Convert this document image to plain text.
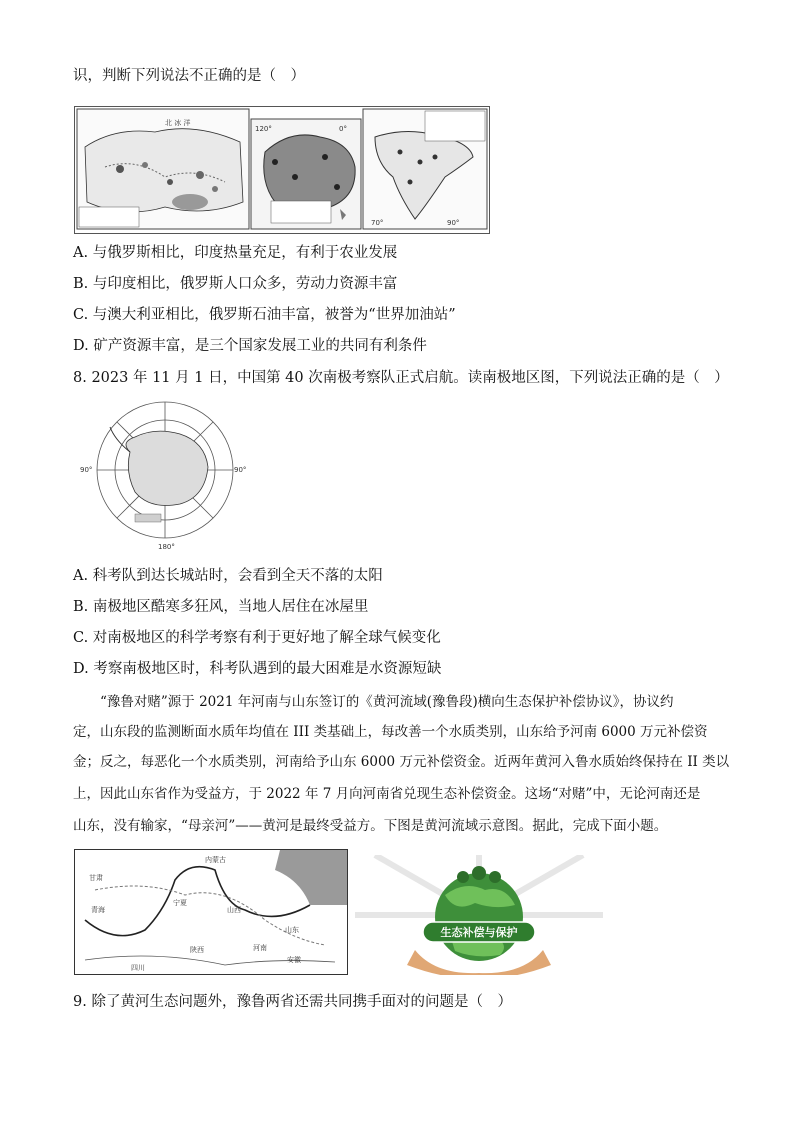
识，判断下列说法不正确的是（　）
北 冰 洋
120°	0°
70°	90°
A. 与俄罗斯相比，印度热量充足，有利于农业发展
B. 与印度相比，俄罗斯人口众多，劳动力资源丰富
C. 与澳大利亚相比，俄罗斯石油丰富，被誉为“世界加油站”
D. 矿产资源丰富，是三个国家发展工业的共同有利条件
8. 2023 年 11 月 1 日，中国第 40 次南极考察队正式启航。读南极地区图，下列说法正确的是（　）
90°	90°
180°
A. 科考队到达长城站时，会看到全天不落的太阳
B. 南极地区酷寒多狂风，当地人居住在冰屋里
C. 对南极地区的科学考察有利于更好地了解全球气候变化
D. 考察南极地区时，科考队遇到的最大困难是水资源短缺
“豫鲁对赌”源于 2021 年河南与山东签订的《黄河流域(豫鲁段)横向生态保护补偿协议》，协议约
定，山东段的监测断面水质年均值在 III 类基础上，每改善一个水质类别，山东给予河南 6000 万元补偿资
金；反之，每恶化一个水质类别，河南给予山东 6000 万元补偿资金。近两年黄河入鲁水质始终保持在 II 类以
上，因此山东省作为受益方，于 2022 年 7 月向河南省兑现生态补偿资金。这场“对赌”中，无论河南还是
山东，没有输家，“母亲河”——黄河是最终受益方。下图是黄河流域示意图。据此，完成下面小题。
内蒙古
甘肃
青海
宁夏
山西
陕西	河南
山东
安徽
四川
生态补偿与保护
9. 除了黄河生态问题外，豫鲁两省还需共同携手面对的问题是（　）
